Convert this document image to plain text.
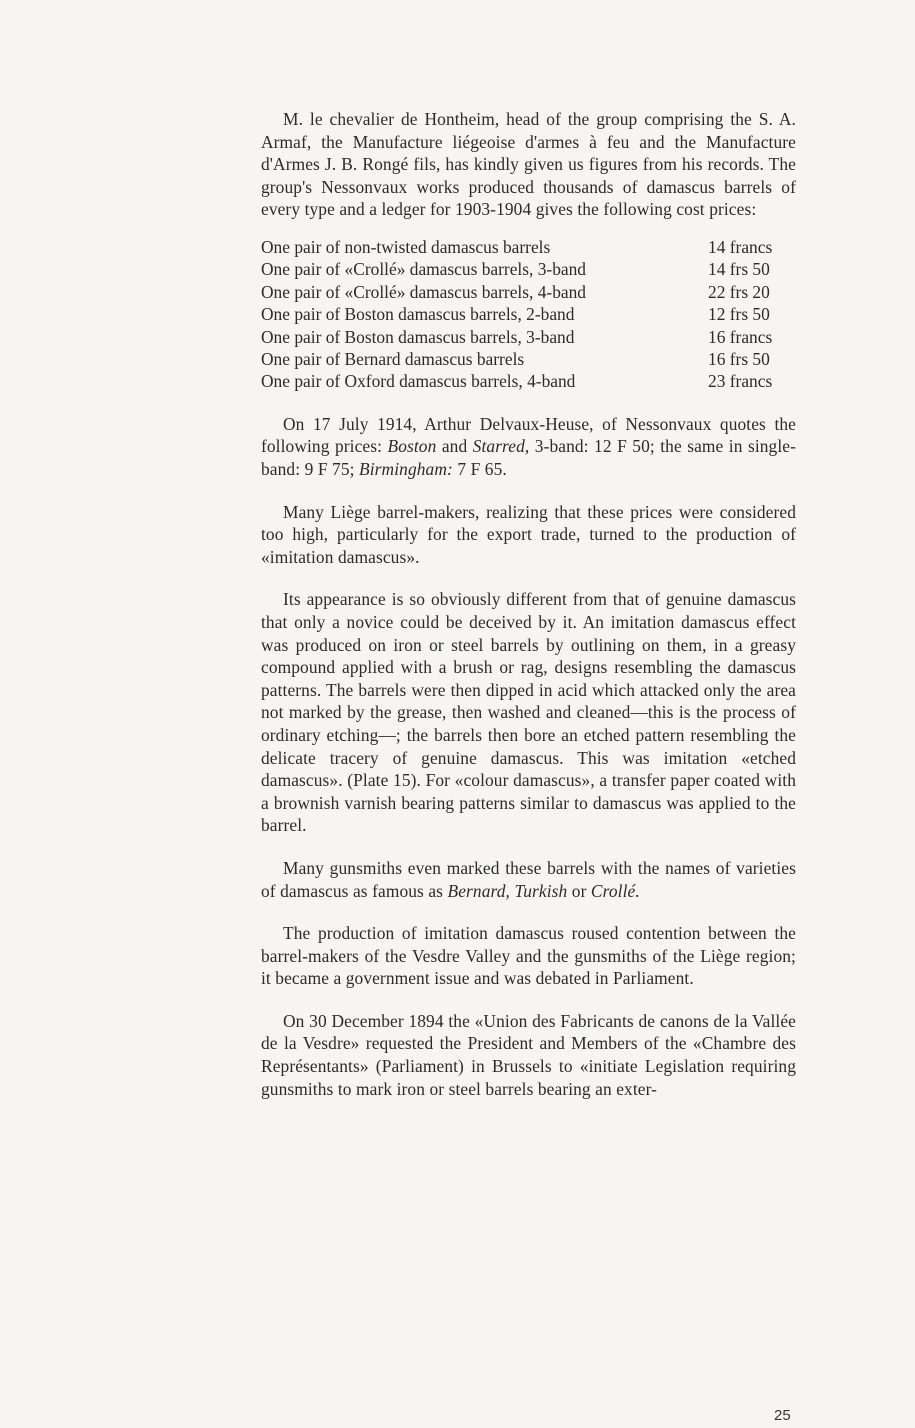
M. le chevalier de Hontheim, head of the group comprising the S. A. Armaf, the Manufacture liégeoise d'armes à feu and the Manufacture d'Armes J. B. Rongé fils, has kindly given us figures from his records. The group's Nessonvaux works produced thousands of damascus barrels of every type and a ledger for 1903-1904 gives the following cost prices:

One pair of non-twisted damascus barrels	14 francs
One pair of «Crollé» damascus barrels, 3-band	14 frs 50
One pair of «Crollé» damascus barrels, 4-band	22 frs 20
One pair of Boston damascus barrels, 2-band	12 frs 50
One pair of Boston damascus barrels, 3-band	16 francs
One pair of Bernard damascus barrels	16 frs 50
One pair of Oxford damascus barrels, 4-band	23 francs

On 17 July 1914, Arthur Delvaux-Heuse, of Nessonvaux quotes the following prices: Boston and Starred, 3-band: 12 F 50; the same in single-band: 9 F 75; Birmingham: 7 F 65.

Many Liège barrel-makers, realizing that these prices were considered too high, particularly for the export trade, turned to the production of «imitation damascus».

Its appearance is so obviously different from that of genuine damascus that only a novice could be deceived by it. An imitation damascus effect was produced on iron or steel barrels by outlining on them, in a greasy compound applied with a brush or rag, designs resembling the damascus patterns. The barrels were then dipped in acid which attacked only the area not marked by the grease, then washed and cleaned—this is the process of ordinary etching—; the barrels then bore an etched pattern resembling the delicate tracery of genuine damascus. This was imitation «etched damascus». (Plate 15). For «colour damascus», a transfer paper coated with a brownish varnish bearing patterns similar to damascus was applied to the barrel.

Many gunsmiths even marked these barrels with the names of varieties of damascus as famous as Bernard, Turkish or Crollé.

The production of imitation damascus roused contention between the barrel-makers of the Vesdre Valley and the gunsmiths of the Liège region; it became a government issue and was debated in Parliament.

On 30 December 1894 the «Union des Fabricants de canons de la Vallée de la Vesdre» requested the President and Members of the «Chambre des Représentants» (Parliament) in Brussels to «initiate Legislation requiring gunsmiths to mark iron or steel barrels bearing an exter-

25
